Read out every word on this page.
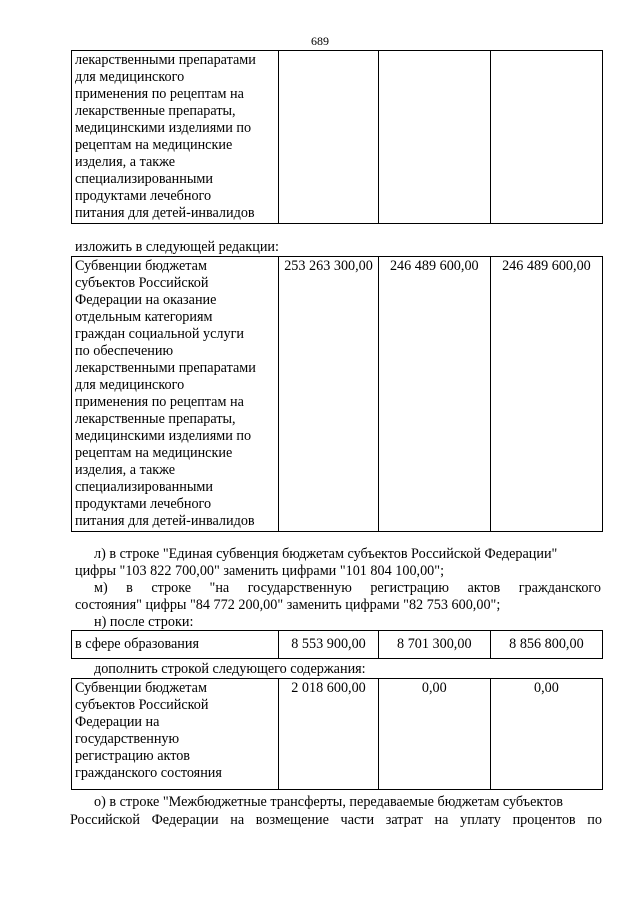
689
лекарственными препаратами
для медицинского
применения по рецептам на
лекарственные препараты,
медицинскими изделиями по
рецептам на медицинские
изделия, а также
специализированными
продуктами лечебного
питания для детей-инвалидов			
изложить в следующей редакции:
Субвенции бюджетам
субъектов Российской
Федерации на оказание
отдельным категориям
граждан социальной услуги
по обеспечению
лекарственными препаратами
для медицинского
применения по рецептам на
лекарственные препараты,
медицинскими изделиями по
рецептам на медицинские
изделия, а также
специализированными
продуктами лечебного
питания для детей-инвалидов	253 263 300,00	246 489 600,00	246 489 600,00
л) в строке "Единая субвенция бюджетам субъектов Российской Федерации"
цифры "103 822 700,00" заменить цифрами "101 804 100,00";
м) в строке "на государственную регистрацию актов гражданского
состояния" цифры "84 772 200,00" заменить цифрами "82 753 600,00";
н) после строки:
в сфере образования	8 553 900,00	8 701 300,00	8 856 800,00
дополнить строкой следующего содержания:
Субвенции бюджетам
субъектов Российской
Федерации на
государственную
регистрацию актов
гражданского состояния	2 018 600,00	0,00	0,00
о) в строке "Межбюджетные трансферты, передаваемые бюджетам субъектов
Российской Федерации на возмещение части затрат на уплату процентов по
